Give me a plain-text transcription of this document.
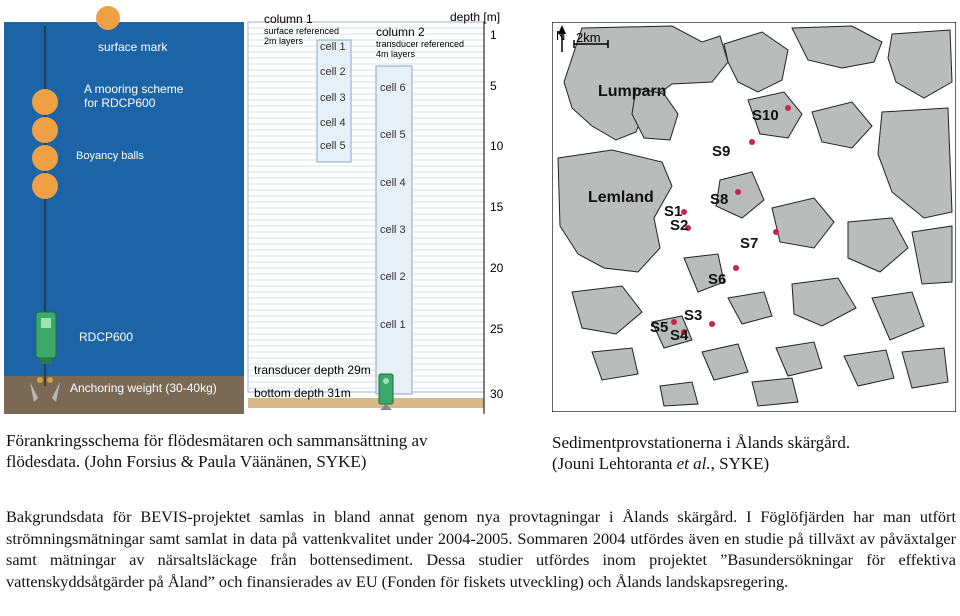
surface mark
A mooring scheme
for RDCP600
Boyancy balls
RDCP600
Anchoring weight (30-40kg)
column 1
surface referenced
2m layers
column 2
transducer referenced
4m layers
depth [m]
cell 1
cell 2
cell 3
cell 4
cell 5
cell 6
cell 5
cell 4
cell 3
cell 2
cell 1
transducer depth 29m
bottom depth 31m
1
5
10
15
20
25
30
N 2km
Lumparn
Lemland
S1
S2
S3
S4
S5
S6
S7
S8
S9
S10
Förankringsschema för flödesmätaren och sammansättning av
flödesdata. (John Forsius & Paula Väänänen, SYKE)
Sedimentprovstationerna i Ålands skärgård.
(Jouni Lehtoranta et al., SYKE)
Bakgrundsdata för BEVIS-projektet samlas in bland annat genom nya provtagningar i Ålands skärgård. I Föglöfjärden har man utfört strömningsmätningar samt samlat in data på vattenkvalitet under 2004-2005. Sommaren 2004 utfördes även en studie på tillväxt av påväxtalger samt mätningar av närsaltsläckage från bottensediment. Dessa studier utfördes inom projektet ”Basundersökningar för effektiva vattenskyddsåtgärder på Åland” och finansierades av EU (Fonden för fiskets utveckling) och Ålands landskapsregering.
